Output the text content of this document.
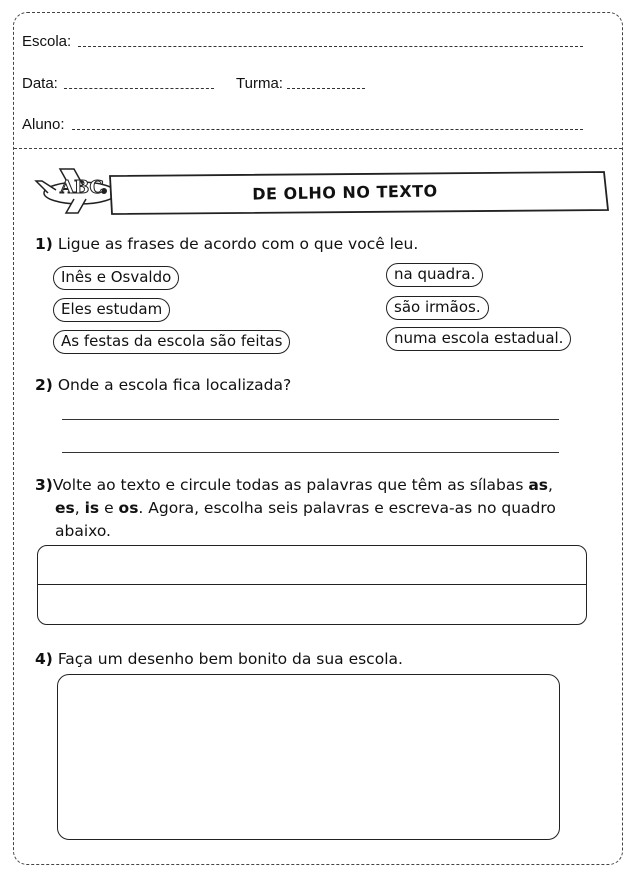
Escola:
Data:	Turma:
Aluno:
ABC	DE OLHO NO TEXTO
1) Ligue as frases de acordo com o que você leu.
Inês e Osvaldo
Eles estudam
As festas da escola são feitas
na quadra.
são irmãos.
numa escola estadual.
2) Onde a escola fica localizada?
3)Volte ao texto e circule todas as palavras que têm as sílabas as,
es, is e os. Agora, escolha seis palavras e escreva-as no quadro
abaixo.
4) Faça um desenho bem bonito da sua escola.
